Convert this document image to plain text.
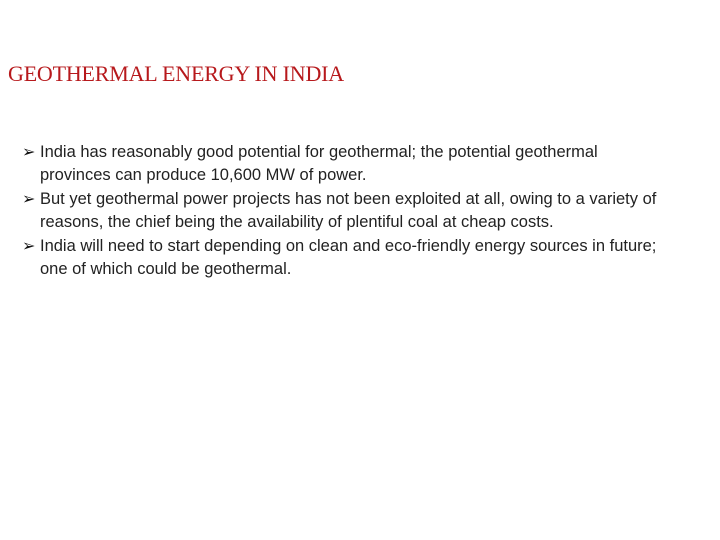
GEOTHERMAL ENERGY IN INDIA
➢ India has reasonably good potential for geothermal; the potential geothermal provinces can produce 10,600 MW of power.
➢ But yet geothermal power projects has not been exploited at all, owing to a variety of reasons, the chief being the availability of plentiful coal at cheap costs.
➢ India will need to start depending on clean and eco-friendly energy sources in future; one of which could be geothermal.
